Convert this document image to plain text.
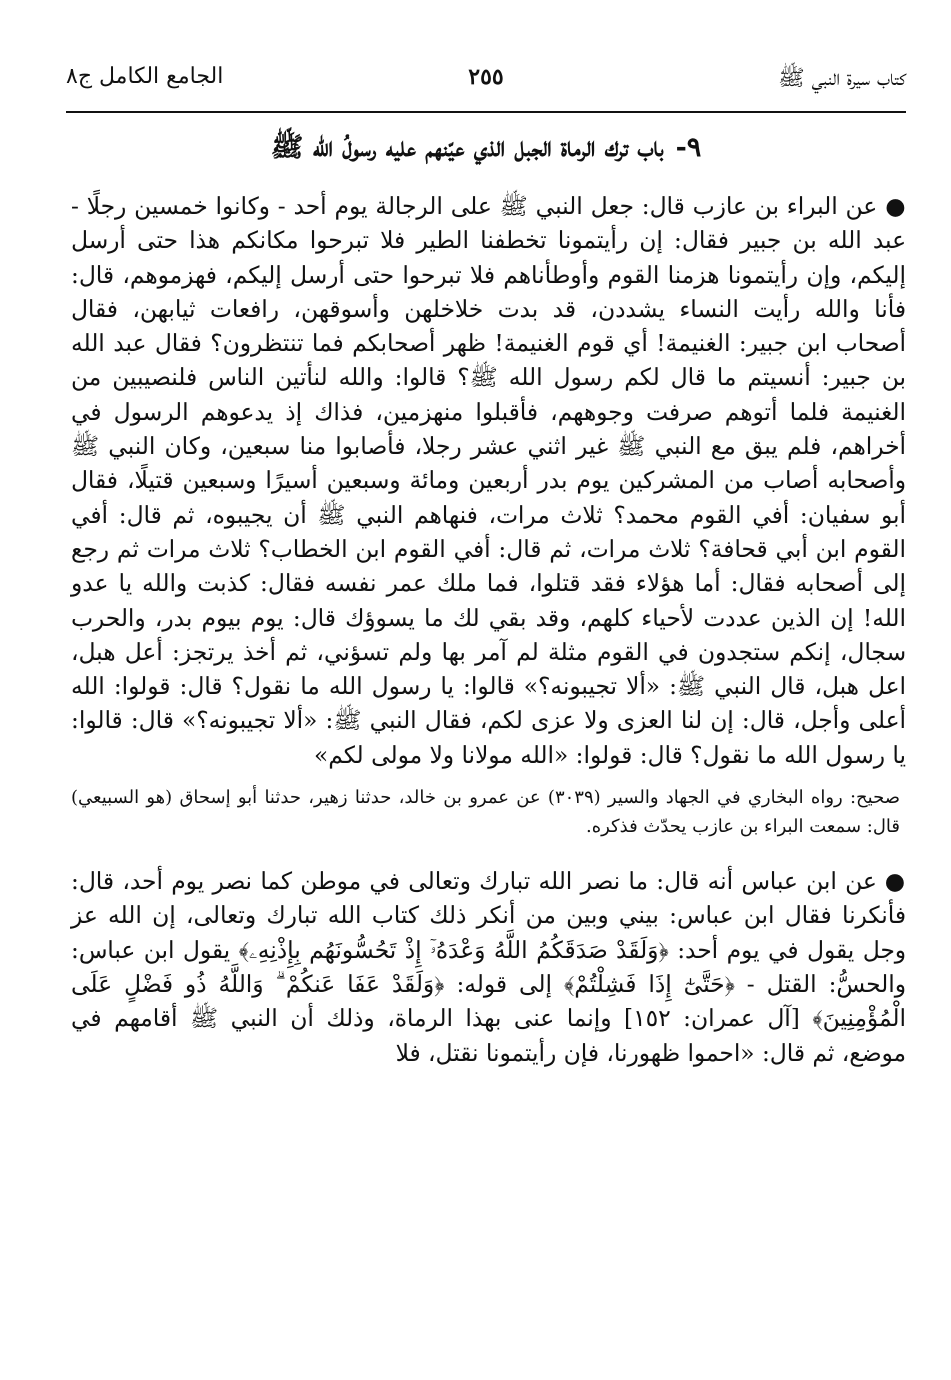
كتاب سيرة النبي ﷺ
٢٥٥
الجامع الكامل ج٨
٩-باب ترك الرماة الجبل الذي عيّنهم عليه رسولُ الله ﷺ

●عن البراء بن عازب قال: جعل النبي ﷺ على الرجالة يوم أحد - وكانوا خمسين رجلًا - عبد الله بن جبير فقال: إن رأيتمونا تخطفنا الطير فلا تبرحوا مكانكم هذا حتى أرسل إليكم، وإن رأيتمونا هزمنا القوم وأوطأناهم فلا تبرحوا حتى أرسل إليكم، فهزموهم، قال: فأنا والله رأيت النساء يشددن، قد بدت خلاخلهن وأسوقهن، رافعات ثيابهن، فقال أصحاب ابن جبير: الغنيمة! أي قوم الغنيمة! ظهر أصحابكم فما تنتظرون؟ فقال عبد الله بن جبير: أنسيتم ما قال لكم رسول الله ﷺ؟ قالوا: والله لنأتين الناس فلنصيبين من الغنيمة فلما أتوهم صرفت وجوههم، فأقبلوا منهزمين، فذاك إذ يدعوهم الرسول في أخراهم، فلم يبق مع النبي ﷺ غير اثني عشر رجلا، فأصابوا منا سبعين، وكان النبي ﷺ وأصحابه أصاب من المشركين يوم بدر أربعين ومائة وسبعين أسيرًا وسبعين قتيلًا، فقال أبو سفيان: أفي القوم محمد؟ ثلاث مرات، فنهاهم النبي ﷺ أن يجيبوه، ثم قال: أفي القوم ابن أبي قحافة؟ ثلاث مرات، ثم قال: أفي القوم ابن الخطاب؟ ثلاث مرات ثم رجع إلى أصحابه فقال: أما هؤلاء فقد قتلوا، فما ملك عمر نفسه فقال: كذبت والله يا عدو الله! إن الذين عددت لأحياء كلهم، وقد بقي لك ما يسوؤك قال: يوم بيوم بدر، والحرب سجال، إنكم ستجدون في القوم مثلة لم آمر بها ولم تسؤني، ثم أخذ يرتجز: أعل هبل، اعل هبل، قال النبي ﷺ: «ألا تجيبونه؟» قالوا: يا رسول الله ما نقول؟ قال: قولوا: الله أعلى وأجل، قال: إن لنا العزى ولا عزى لكم، فقال النبي ﷺ: «ألا تجيبونه؟» قال: قالوا: يا رسول الله ما نقول؟ قال: قولوا: «الله مولانا ولا مولى لكم»

صحيح: رواه البخاري في الجهاد والسير (٣٠٣٩) عن عمرو بن خالد، حدثنا زهير، حدثنا أبو إسحاق (هو السبيعي) قال: سمعت البراء بن عازب يحدّث فذكره.

●عن ابن عباس أنه قال: ما نصر الله تبارك وتعالى في موطن كما نصر يوم أحد، قال: فأنكرنا فقال ابن عباس: بيني وبين من أنكر ذلك كتاب الله تبارك وتعالى، إن الله عز وجل يقول في يوم أحد: ﴿وَلَقَدْ صَدَقَكُمُ اللَّهُ وَعْدَهُۥٓ إِذْ تَحُسُّونَهُم بِإِذْنِهِۦ﴾ يقول ابن عباس: والحسُّ: القتل - ﴿حَتَّىٰٓ إِذَا فَشِلْتُمْ﴾ إلى قوله: ﴿وَلَقَدْ عَفَا عَنكُمْ ۗ وَاللَّهُ ذُو فَضْلٍ عَلَى الْمُؤْمِنِينَ﴾ [آل عمران: ١٥٢] وإنما عنى بهذا الرماة، وذلك أن النبي ﷺ أقامهم في موضع، ثم قال: «احموا ظهورنا، فإن رأيتمونا نقتل، فلا
